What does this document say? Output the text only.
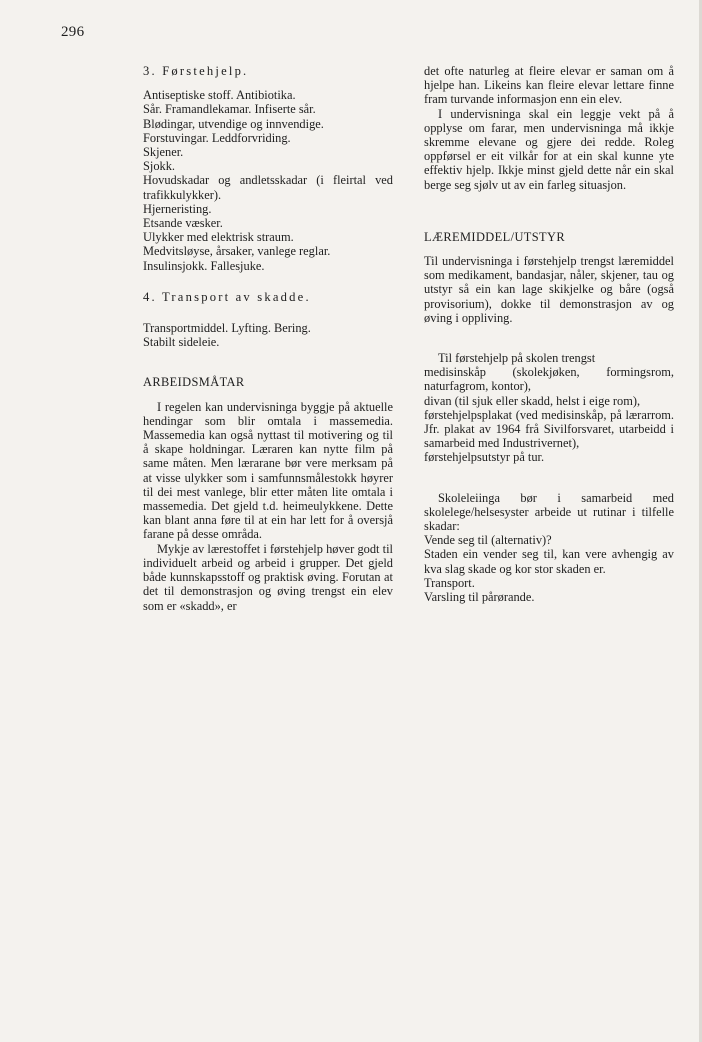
296
3. Førstehjelp.
Antiseptiske stoff. Antibiotika.
Sår. Framandlekamar. Infiserte sår.
Blødingar, utvendige og innvendige.
Forstuvingar. Leddforvriding.
Skjener.
Sjokk.
Hovudskadar og andletsskadar (i fleirtal ved trafikkulykker).
Hjerneristing.
Etsande væsker.
Ulykker med elektrisk straum.
Medvitsløyse, årsaker, vanlege reglar.
Insulinsjokk. Fallesjuke.
4. Transport av skadde.
Transportmiddel. Lyfting. Bering.
Stabilt sideleie.
ARBEIDSMÅTAR

I regelen kan undervisninga byggje på aktuelle hendingar som blir omtala i massemedia. Massemedia kan også nyttast til motivering og til å skape holdningar. Læraren kan nytte film på same måten. Men lærarane bør vere merksam på at visse ulykker som i samfunnsmålestokk høyrer til dei mest vanlege, blir etter måten lite omtala i massemedia. Det gjeld t.d. heimeulykkene. Dette kan blant anna føre til at ein har lett for å oversjå farane på desse områda.

Mykje av lærestoffet i førstehjelp høver godt til individuelt arbeid og arbeid i grupper. Det gjeld både kunnskapsstoff og praktisk øving. Forutan at det til demonstrasjon og øving trengst ein elev som er «skadd», er

det ofte naturleg at fleire elevar er saman om å hjelpe han. Likeins kan fleire elevar lettare finne fram turvande informasjon enn ein elev.

I undervisninga skal ein leggje vekt på å opplyse om farar, men undervisninga må ikkje skremme elevane og gjere dei redde. Roleg oppførsel er eit vilkår for at ein skal kunne yte effektiv hjelp. Ikkje minst gjeld dette når ein skal berge seg sjølv ut av ein farleg situasjon.

LÆREMIDDEL/UTSTYR

Til undervisninga i førstehjelp trengst læremiddel som medikament, bandasjar, nåler, skjener, tau og utstyr så ein kan lage skikjelke og båre (også provisorium), dokke til demonstrasjon av og øving i oppliving.

Til førstehjelp på skolen trengst

medisinskåp (skolekjøken, formingsrom, naturfagrom, kontor),
divan (til sjuk eller skadd, helst i eige rom),
førstehjelpsplakat (ved medisinskåp, på lærarrom. Jfr. plakat av 1964 frå Sivilforsvaret, utarbeidd i samarbeid med Industrivernet),
førstehjelpsutstyr på tur.

Skoleleiinga bør i samarbeid med skolelege/helsesyster arbeide ut rutinar i tilfelle skadar:

Vende seg til (alternativ)?
Staden ein vender seg til, kan vere avhengig av kva slag skade og kor stor skaden er.
Transport.
Varsling til pårørande.
